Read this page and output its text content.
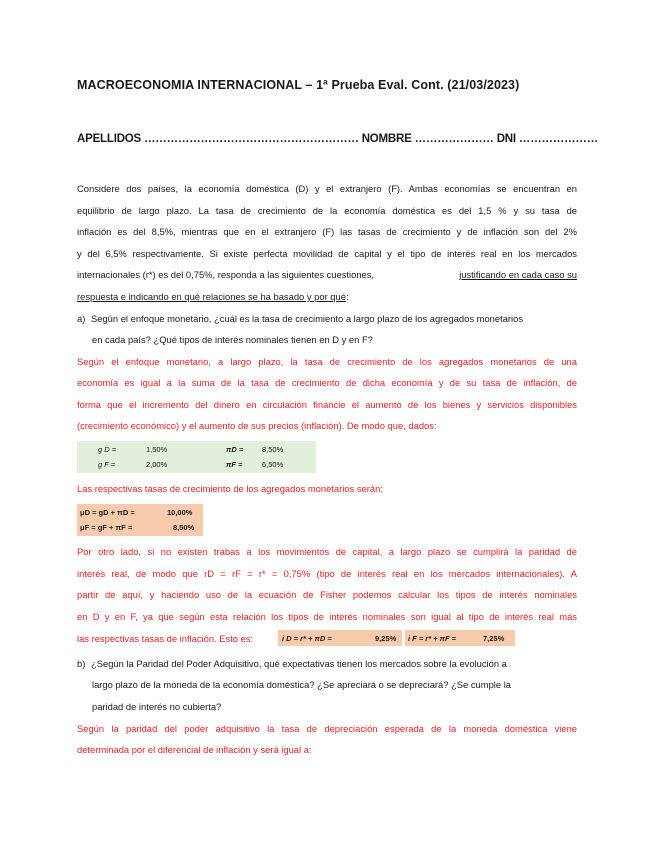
MACROECONOMIA INTERNACIONAL – 1ª Prueba Eval. Cont. (21/03/2023)
APELLIDOS ………………………………………………… NOMBRE ………………… DNI …………………
Considere dos países, la economía doméstica (D) y el extranjero (F). Ambas economías se encuentran en
equilibrio de largo plazo. La tasa de crecimiento de la economía doméstica es del 1,5 % y su tasa de
inflación es del 8,5%, mientras que en el extranjero (F) las tasas de crecimiento y de inflación son del 2%
y del 6,5% respectivamente. Si existe perfecta movilidad de capital y el tipo de interés real en los mercados
internacionales (r*) es del 0,75%, responda a las siguientes cuestiones,	justificando en cada caso su
respuesta e indicando en qué relaciones se ha basado y por qué:
a) Según el enfoque monetario, ¿cuál es la tasa de crecimiento a largo plazo de los agregados monetarios
en cada país? ¿Qué tipos de interés nominales tienen en D y en F?
Según el enfoque monetario, a largo plazo, la tasa de crecimiento de los agregados monetarios de una
economía es igual a la suma de la tasa de crecimiento de dicha economía y de su tasa de inflación, de
forma que el incremento del dinero en circulación financie el aumento de los bienes y servicios disponibles
(crecimiento económico) y el aumento de sus precios (inflación). De modo que, dados:
g D =	1,50%	πD =	8,50%
g F =	2,00%	πF =	6,50%
Las respectivas tasas de crecimiento de los agregados monetarios serán:
μD = gD + πD =	10,00%
μF = gF + πF =	8,50%
Por otro lado, si no existen trabas a los movimientos de capital, a largo plazo se cumplirá la paridad de
interés real, de modo que rD = rF = r* = 0,75% (tipo de interés real en los mercados internacionales). A
partir de aquí, y haciendo uso de la ecuación de Fisher podemos calcular los tipos de interés nominales
en D y en F, ya que según esta relación los tipos de interés nominales son igual al tipo de interés real más
las respectivas tasas de inflación. Esto es:	i D = r* + πD =	9,25% i F = r* + πF =	7,25%
b) ¿Según la Paridad del Poder Adquisitivo, qué expectativas tienen los mercados sobre la evolución a
largo plazo de la moneda de la economía doméstica? ¿Se apreciará o se depreciará? ¿Se cumple la
paridad de interés no cubierta?
Según la paridad del poder adquisitivo la tasa de depreciación esperada de la moneda doméstica viene
determinada por el diferencial de inflación y será igual a:
